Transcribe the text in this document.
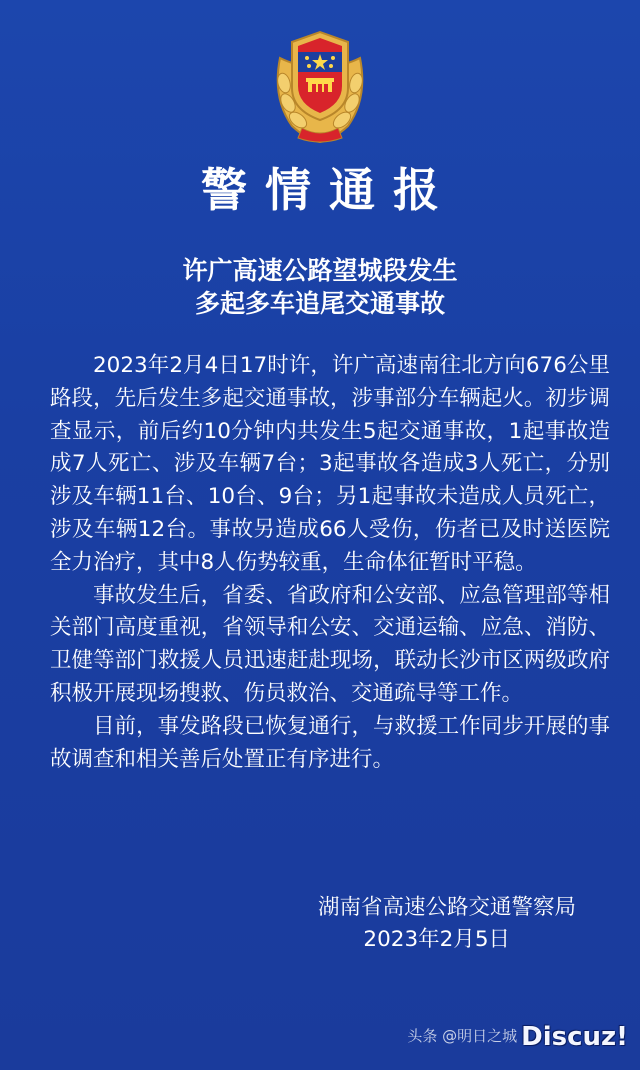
警情通报
许广高速公路望城段发生
多起多车追尾交通事故

2023年2月4日17时许，许广高速南往北方向676公里路段，先后发生多起交通事故，涉事部分车辆起火。初步调查显示，前后约10分钟内共发生5起交通事故，1起事故造成7人死亡、涉及车辆7台；3起事故各造成3人死亡，分别涉及车辆11台、10台、9台；另1起事故未造成人员死亡，涉及车辆12台。事故另造成66人受伤，伤者已及时送医院全力治疗，其中8人伤势较重，生命体征暂时平稳。

事故发生后，省委、省政府和公安部、应急管理部等相关部门高度重视，省领导和公安、交通运输、应急、消防、卫健等部门救援人员迅速赶赴现场，联动长沙市区两级政府积极开展现场搜救、伤员救治、交通疏导等工作。

目前，事发路段已恢复通行，与救援工作同步开展的事故调查和相关善后处置正有序进行。

湖南省高速公路交通警察局
2023年2月5日
头条 @明日之城 Discuz!
